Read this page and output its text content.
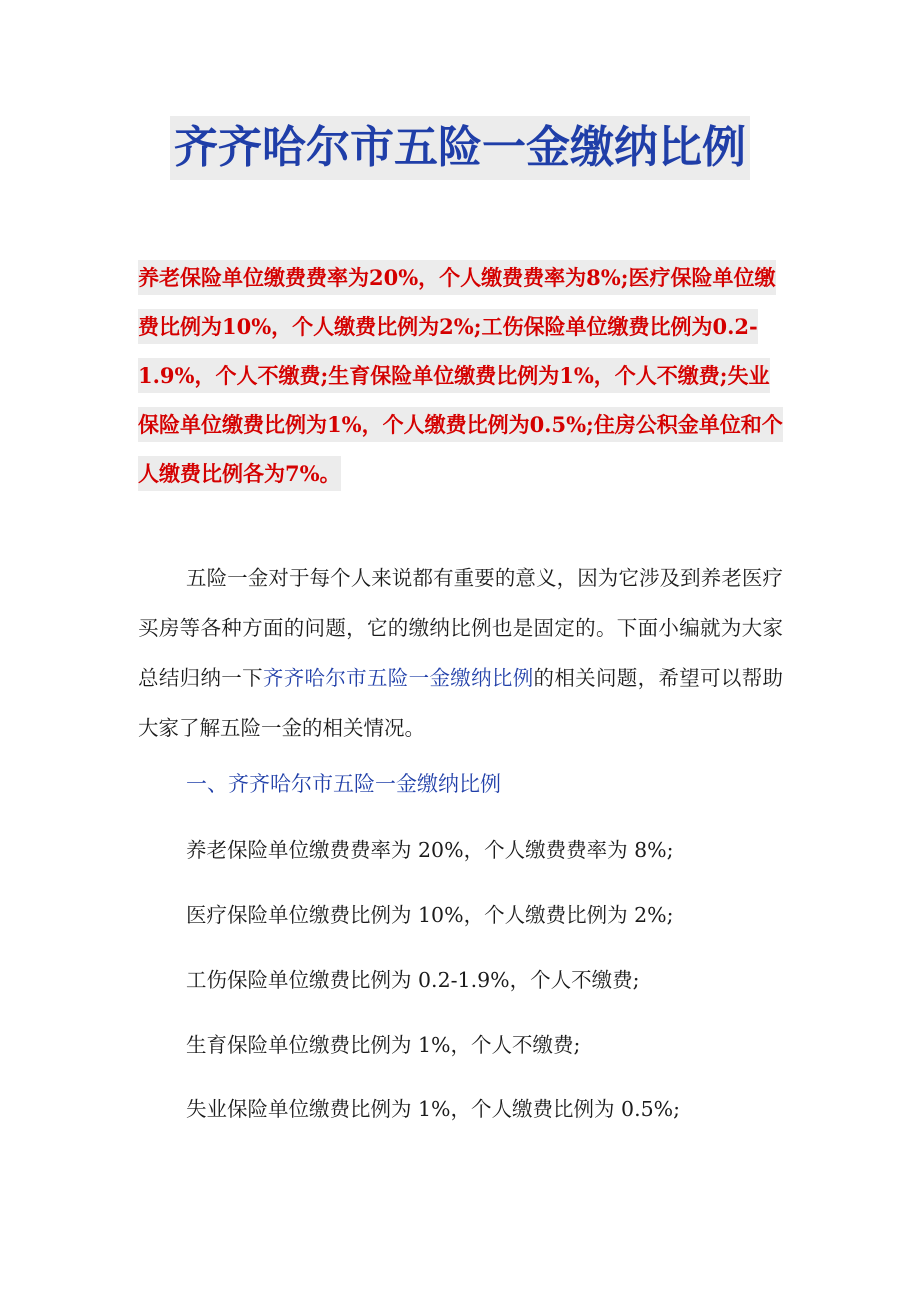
齐齐哈尔市五险一金缴纳比例
养老保险单位缴费费率为20%，个人缴费费率为8%;医疗保险单位缴费比例为10%，个人缴费比例为2%;工伤保险单位缴费比例为0.2-1.9%，个人不缴费;生育保险单位缴费比例为1%，个人不缴费;失业保险单位缴费比例为1%，个人缴费比例为0.5%;住房公积金单位和个人缴费比例各为7%。

五险一金对于每个人来说都有重要的意义，因为它涉及到养老医疗买房等各种方面的问题，它的缴纳比例也是固定的。下面小编就为大家总结归纳一下齐齐哈尔市五险一金缴纳比例的相关问题，希望可以帮助大家了解五险一金的相关情况。

一、齐齐哈尔市五险一金缴纳比例

养老保险单位缴费费率为 20%，个人缴费费率为 8%;

医疗保险单位缴费比例为 10%，个人缴费比例为 2%;

工伤保险单位缴费比例为 0.2-1.9%，个人不缴费;

生育保险单位缴费比例为 1%，个人不缴费;

失业保险单位缴费比例为 1%，个人缴费比例为 0.5%;
